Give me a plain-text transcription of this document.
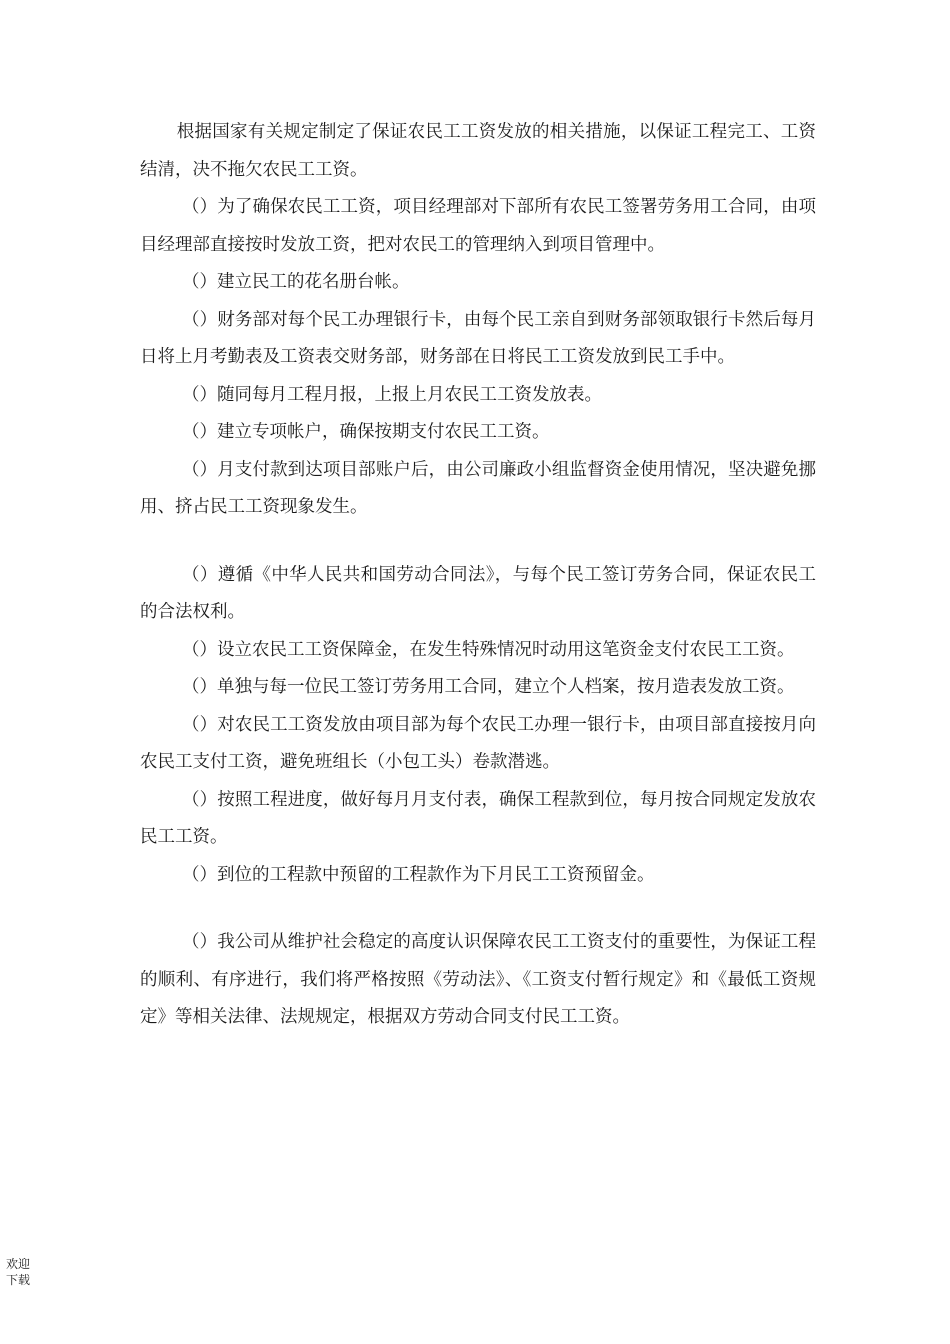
根据国家有关规定制定了保证农民工工资发放的相关措施，以保证工程完工、工资结清，决不拖欠农民工工资。

（）为了确保农民工工资，项目经理部对下部所有农民工签署劳务用工合同，由项目经理部直接按时发放工资，把对农民工的管理纳入到项目管理中。

（）建立民工的花名册台帐。

（）财务部对每个民工办理银行卡，由每个民工亲自到财务部领取银行卡然后每月日将上月考勤表及工资表交财务部，财务部在日将民工工资发放到民工手中。

（）随同每月工程月报，上报上月农民工工资发放表。

（）建立专项帐户，确保按期支付农民工工资。

（）月支付款到达项目部账户后，由公司廉政小组监督资金使用情况，坚决避免挪用、挤占民工工资现象发生。

（）遵循《中华人民共和国劳动合同法》，与每个民工签订劳务合同，保证农民工的合法权利。

（）设立农民工工资保障金，在发生特殊情况时动用这笔资金支付农民工工资。

（）单独与每一位民工签订劳务用工合同，建立个人档案，按月造表发放工资。

（）对农民工工资发放由项目部为每个农民工办理一银行卡，由项目部直接按月向农民工支付工资，避免班组长（小包工头）卷款潜逃。

（）按照工程进度，做好每月月支付表，确保工程款到位，每月按合同规定发放农民工工资。

（）到位的工程款中预留的工程款作为下月民工工资预留金。

（）我公司从维护社会稳定的高度认识保障农民工工资支付的重要性，为保证工程的顺利、有序进行，我们将严格按照《劳动法》、《工资支付暂行规定》和《最低工资规定》等相关法律、法规规定，根据双方劳动合同支付民工工资。

欢迎
下载
